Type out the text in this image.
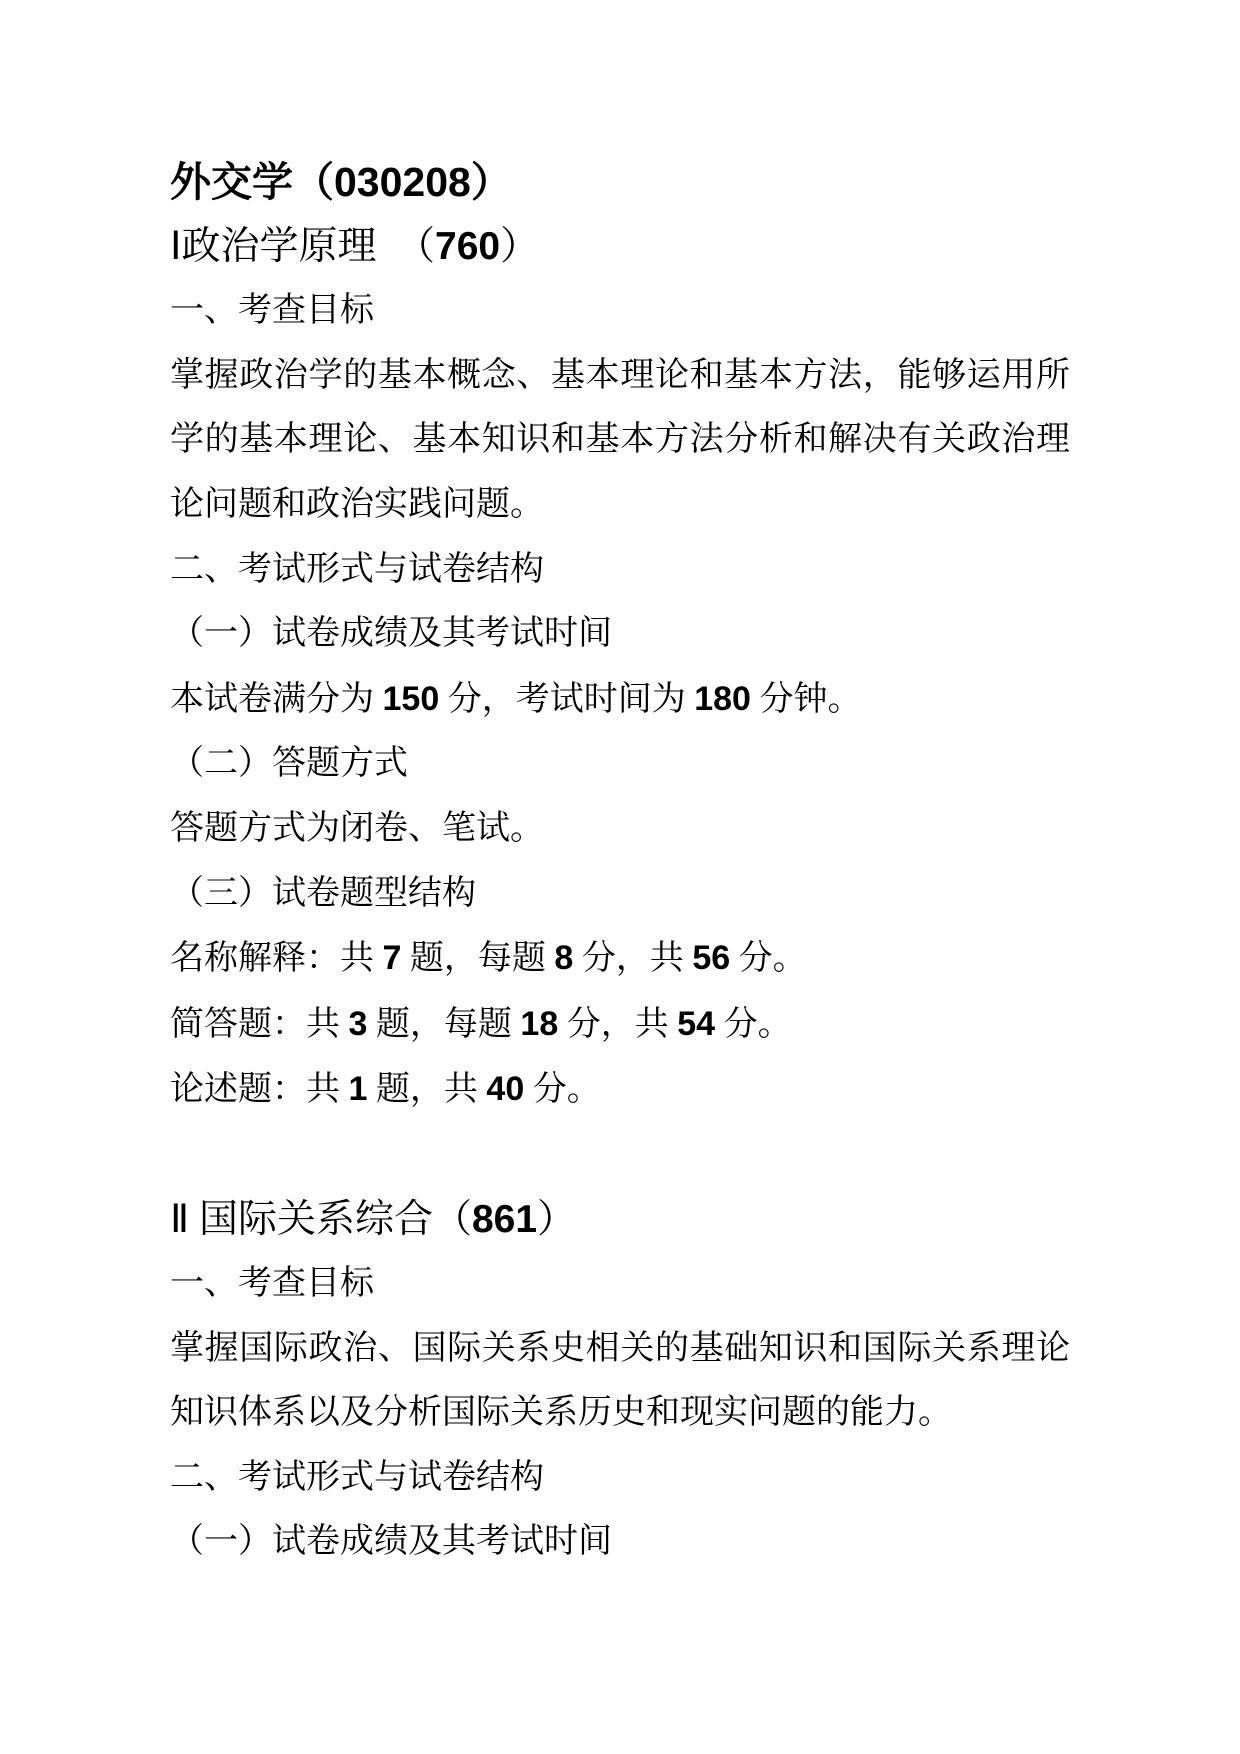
外交学（030208）
Ⅰ政治学原理　（760）
一、考查目标
掌握政治学的基本概念、基本理论和基本方法，能够运用所
学的基本理论、基本知识和基本方法分析和解决有关政治理
论问题和政治实践问题。
二、考试形式与试卷结构
（一）试卷成绩及其考试时间
本试卷满分为 150 分，考试时间为 180 分钟。
（二）答题方式
答题方式为闭卷、笔试。
（三）试卷题型结构
名称解释：共 7 题，每题 8 分，共 56 分。
简答题：共 3 题，每题 18 分，共 54 分。
论述题：共 1 题，共 40 分。
Ⅱ 国际关系综合（861）
一、考查目标
掌握国际政治、国际关系史相关的基础知识和国际关系理论
知识体系以及分析国际关系历史和现实问题的能力。
二、考试形式与试卷结构
（一）试卷成绩及其考试时间
